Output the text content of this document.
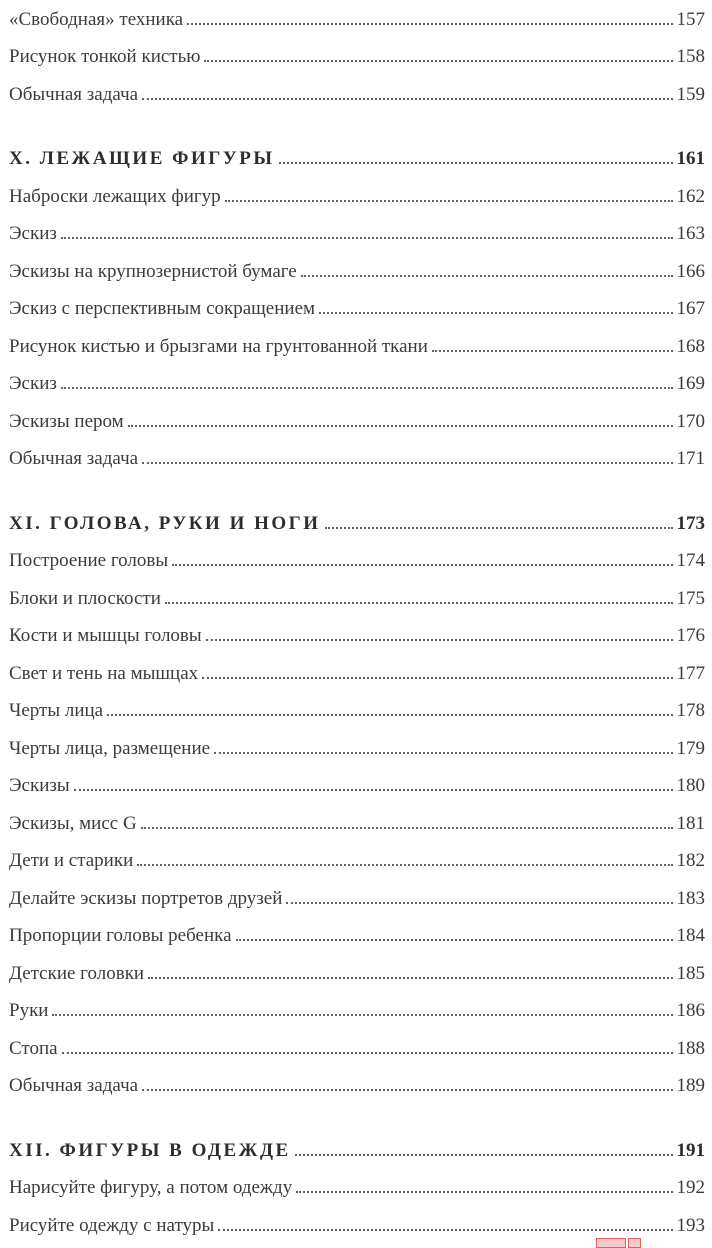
«Свободная» техника	157
Рисунок тонкой кистью	158
Обычная задача	159
X. ЛЕЖАЩИЕ ФИГУРЫ	161
Наброски лежащих фигур	162
Эскиз	163
Эскизы на крупнозернистой бумаге	166
Эскиз с перспективным сокращением	167
Рисунок кистью и брызгами на грунтованной ткани	168
Эскиз	169
Эскизы пером	170
Обычная задача	171
XI. ГОЛОВА, РУКИ И НОГИ	173
Построение головы	174
Блоки и плоскости	175
Кости и мышцы головы	176
Свет и тень на мышцах	177
Черты лица	178
Черты лица, размещение	179
Эскизы	180
Эскизы, мисс G	181
Дети и старики	182
Делайте эскизы портретов друзей	183
Пропорции головы ребенка	184
Детские головки	185
Руки	186
Стопа	188
Обычная задача	189
XII. ФИГУРЫ В ОДЕЖДЕ	191
Нарисуйте фигуру, а потом одежду	192
Рисуйте одежду с натуры	193
